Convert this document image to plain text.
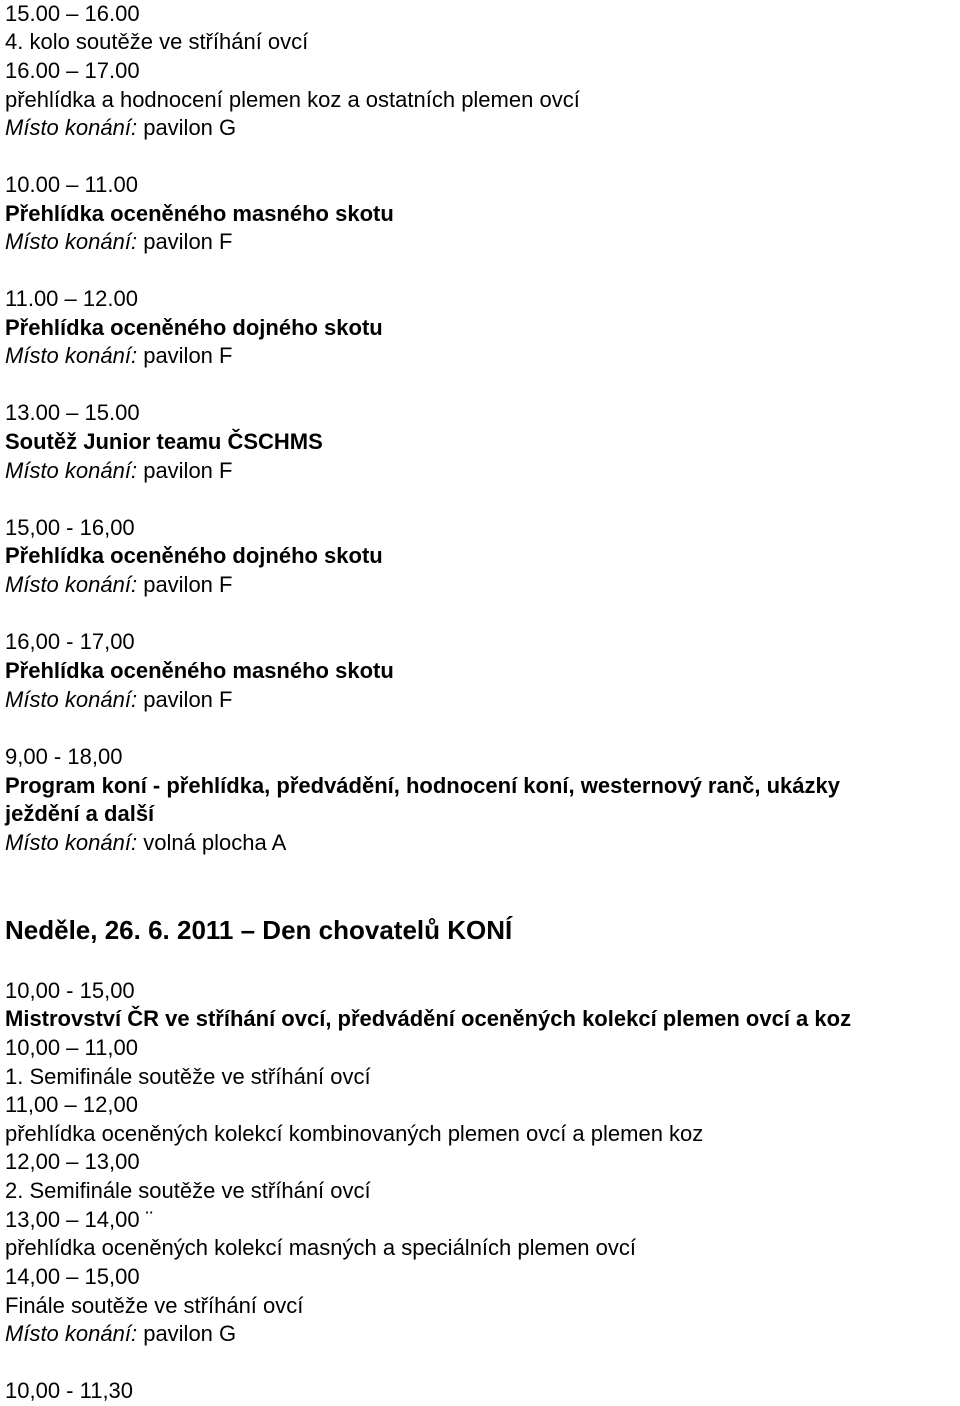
15.00 – 16.00
4. kolo soutěže ve stříhání ovcí
16.00 – 17.00
přehlídka a hodnocení plemen koz a ostatních plemen ovcí
Místo konání: pavilon G
10.00 – 11.00
Přehlídka oceněného masného skotu
Místo konání: pavilon F
11.00 – 12.00
Přehlídka oceněného dojného skotu
Místo konání: pavilon F
13.00 – 15.00
Soutěž Junior teamu ČSCHMS
Místo konání: pavilon F
15,00 - 16,00
Přehlídka oceněného dojného skotu
Místo konání: pavilon F
16,00 - 17,00
Přehlídka oceněného masného skotu
Místo konání: pavilon F
9,00 - 18,00
Program koní - přehlídka, předvádění, hodnocení koní, westernový ranč, ukázky
ježdění a další
Místo konání: volná plocha A
Neděle, 26. 6. 2011 – Den chovatelů KONÍ
10,00 - 15,00
Mistrovství ČR ve stříhání ovcí, předvádění oceněných kolekcí plemen ovcí a koz
10,00 – 11,00
1. Semifinále soutěže ve stříhání ovcí
11,00 – 12,00
přehlídka oceněných kolekcí kombinovaných plemen ovcí a plemen koz
12,00 – 13,00
2. Semifinále soutěže ve stříhání ovcí
13,00 – 14,00 ¨
přehlídka oceněných kolekcí masných a speciálních plemen ovcí
14,00 – 15,00
Finále soutěže ve stříhání ovcí
Místo konání: pavilon G
10,00 - 11,30
